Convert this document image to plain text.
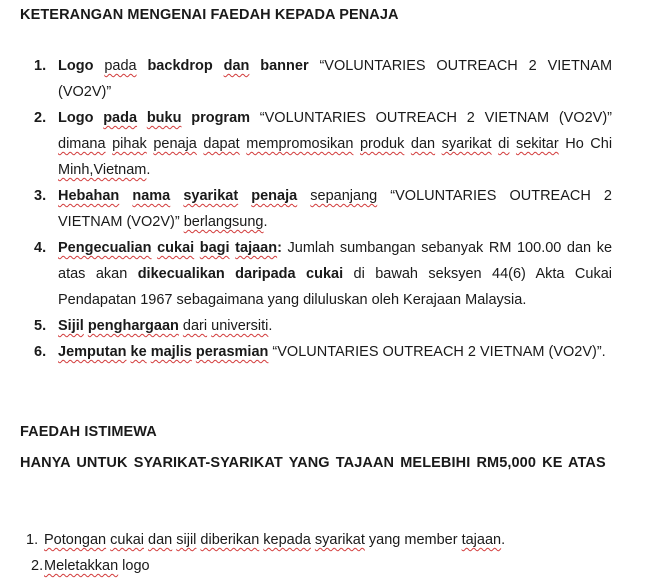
KETERANGAN MENGENAI FAEDAH KEPADA PENAJA

1. Logo pada backdrop dan banner “VOLUNTARIES OUTREACH 2 VIETNAM (VO2V)”
2. Logo pada buku program “VOLUNTARIES OUTREACH 2 VIETNAM (VO2V)” dimana pihak penaja dapat mempromosikan produk dan syarikat di sekitar Ho Chi Minh,Vietnam.
3. Hebahan nama syarikat penaja sepanjang “VOLUNTARIES OUTREACH 2 VIETNAM (VO2V)” berlangsung.
4. Pengecualian cukai bagi tajaan: Jumlah sumbangan sebanyak RM 100.00 dan ke atas akan dikecualikan daripada cukai di bawah seksyen 44(6) Akta Cukai Pendapatan 1967 sebagaimana yang diluluskan oleh Kerajaan Malaysia.
5. Sijil penghargaan dari universiti.
6. Jemputan ke majlis perasmian “VOLUNTARIES OUTREACH 2 VIETNAM (VO2V)”.

FAEDAH ISTIMEWA

HANYA UNTUK SYARIKAT-SYARIKAT YANG TAJAAN MELEBIHI RM5,000 KE ATAS

1. Potongan cukai dan sijil diberikan kepada syarikat yang member tajaan.
2. Meletakkan logo
